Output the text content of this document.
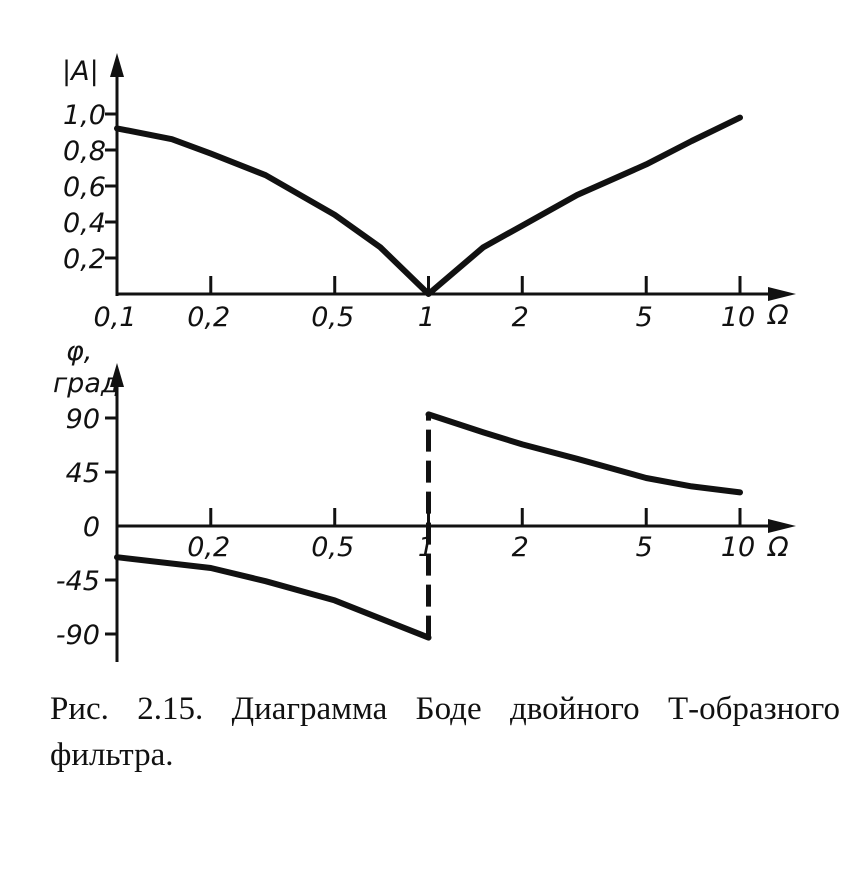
|A|
Ω
0,2
0,4
0,6
0,8
1,0
0,1 0,2	0,5 1	2	5	10
φ, град
Ω
90
45
0
-45
-90
0,2	0,5 1	2	5	10

Рис. 2.15. Диаграмма Боде двойного Т-образного фильтра.
